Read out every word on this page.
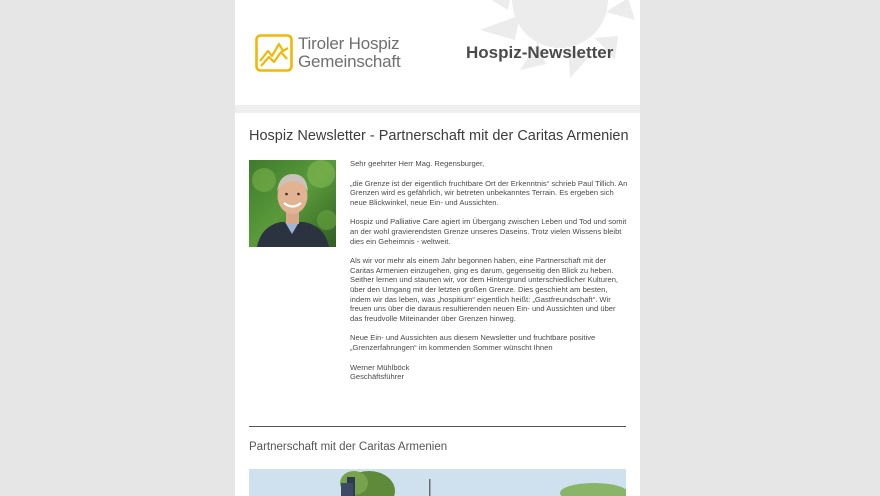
Tiroler Hospiz
Gemeinschaft	Hospiz-Newsletter
Hospiz Newsletter - Partnerschaft mit der Caritas Armenien

Sehr geehrter Herr Mag. Regensburger,

„die Grenze ist der eigentlich fruchtbare Ort der Erkenntnis“ schrieb Paul Tillich. An Grenzen wird es gefährlich, wir betreten unbekanntes Terrain. Es ergeben sich neue Blickwinkel, neue Ein- und Aussichten.

Hospiz und Palliative Care agiert im Übergang zwischen Leben und Tod und somit an der wohl gravierendsten Grenze unseres Daseins. Trotz vielen Wissens bleibt dies ein Geheimnis - weltweit.

Als wir vor mehr als einem Jahr begonnen haben, eine Partnerschaft mit der Caritas Armenien einzugehen, ging es darum, gegenseitig den Blick zu heben. Seither lernen und staunen wir, vor dem Hintergrund unterschiedlicher Kulturen, über den Umgang mit der letzten großen Grenze. Dies geschieht am besten, indem wir das leben, was „hospitium“ eigentlich heißt: „Gastfreundschaft“. Wir freuen uns über die daraus resultierenden neuen Ein- und Aussichten und über das freudvolle Miteinander über Grenzen hinweg.

Neue Ein- und Aussichten aus diesem Newsletter und fruchtbare positive „Grenzerfahrungen“ im kommenden Sommer wünscht Ihnen

Werner Mühlböck
Geschäftsführer

Partnerschaft mit der Caritas Armenien
